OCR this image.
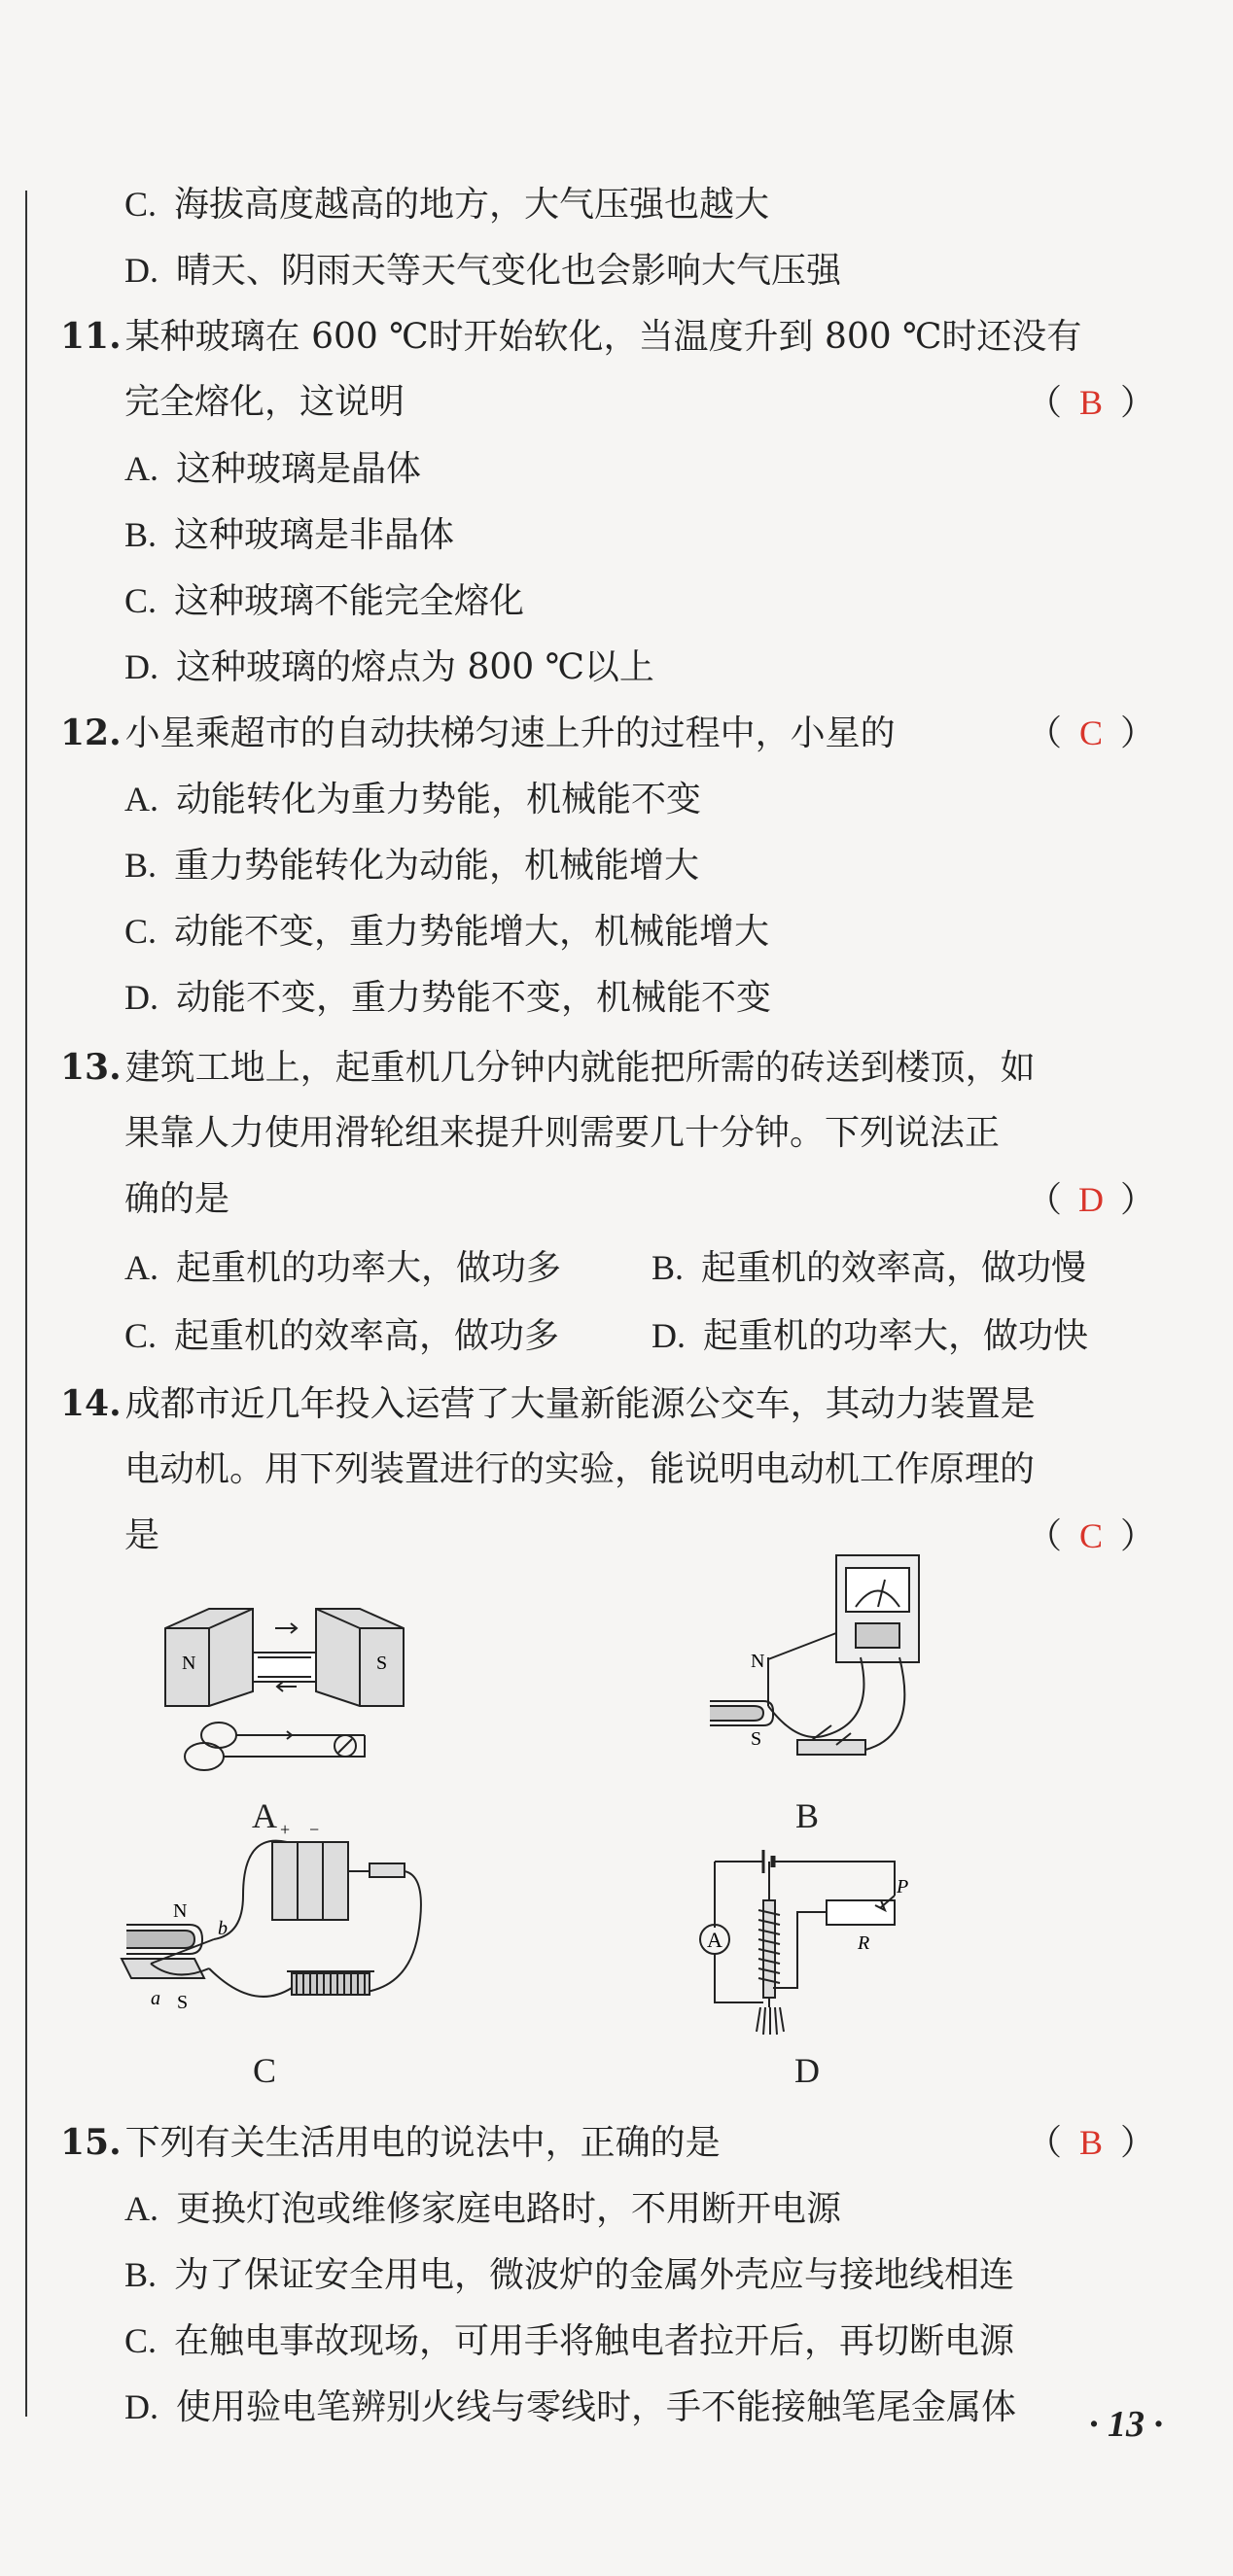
C. 海拔高度越高的地方，大气压强也越大
D. 晴天、阴雨天等天气变化也会影响大气压强
11. 某种玻璃在 600 ℃时开始软化，当温度升到 800 ℃时还没有
完全熔化，这说明	（ B ）
A. 这种玻璃是晶体
B. 这种玻璃是非晶体
C. 这种玻璃不能完全熔化
D. 这种玻璃的熔点为 800 ℃以上
12. 小星乘超市的自动扶梯匀速上升的过程中，小星的	（ C ）
A. 动能转化为重力势能，机械能不变
B. 重力势能转化为动能，机械能增大
C. 动能不变，重力势能增大，机械能增大
D. 动能不变，重力势能不变，机械能不变
13. 建筑工地上，起重机几分钟内就能把所需的砖送到楼顶，如
果靠人力使用滑轮组来提升则需要几十分钟。下列说法正
确的是	（ D ）
A. 起重机的功率大，做功多	B. 起重机的效率高，做功慢
C. 起重机的效率高，做功多	D. 起重机的功率大，做功快
14. 成都市近几年投入运营了大量新能源公交车，其动力装置是
电动机。用下列装置进行的实验，能说明电动机工作原理的
是	（ C ）
N	S
A
N
S
B
+ −
N
S
a
b
C
A
P
R
D
15. 下列有关生活用电的说法中，正确的是	（ B ）
A. 更换灯泡或维修家庭电路时，不用断开电源
B. 为了保证安全用电，微波炉的金属外壳应与接地线相连
C. 在触电事故现场，可用手将触电者拉开后，再切断电源
D. 使用验电笔辨别火线与零线时，手不能接触笔尾金属体 · 13 ·
